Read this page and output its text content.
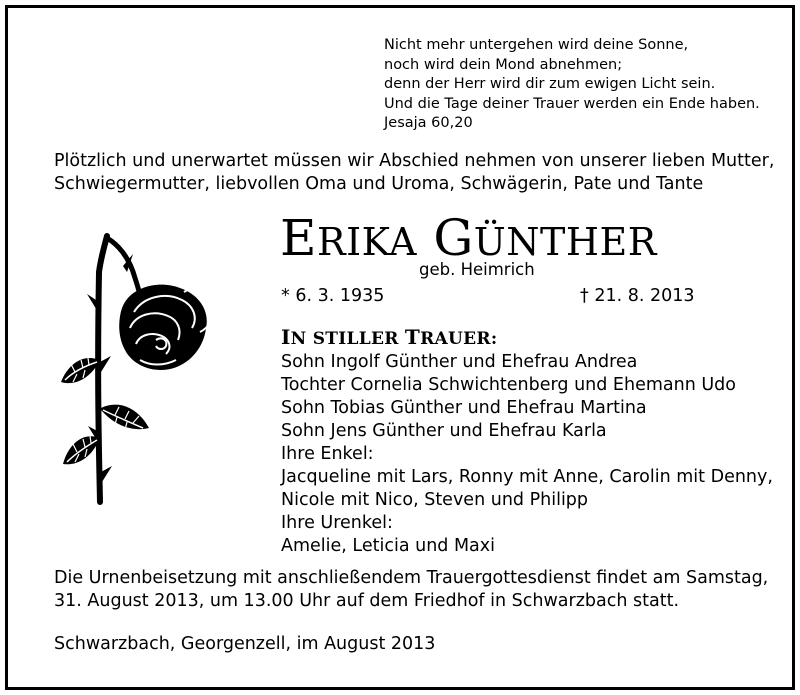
Nicht mehr untergehen wird deine Sonne,
noch wird dein Mond abnehmen;
denn der Herr wird dir zum ewigen Licht sein.
Und die Tage deiner Trauer werden ein Ende haben.
Jesaja 60,20
Plötzlich und unerwartet müssen wir Abschied nehmen von unserer lieben Mutter,
Schwiegermutter, liebvollen Oma und Uroma, Schwägerin, Pate und Tante
ERIKA GÜNTHER
geb. Heimrich
* 6. 3. 1935	† 21. 8. 2013
IN STILLER TRAUER:
Sohn Ingolf Günther und Ehefrau Andrea
Tochter Cornelia Schwichtenberg und Ehemann Udo
Sohn Tobias Günther und Ehefrau Martina
Sohn Jens Günther und Ehefrau Karla
Ihre Enkel:
Jacqueline mit Lars, Ronny mit Anne, Carolin mit Denny,
Nicole mit Nico, Steven und Philipp
Ihre Urenkel:
Amelie, Leticia und Maxi
Die Urnenbeisetzung mit anschließendem Trauergottesdienst findet am Samstag,
31. August 2013, um 13.00 Uhr auf dem Friedhof in Schwarzbach statt.
Schwarzbach, Georgenzell, im August 2013
